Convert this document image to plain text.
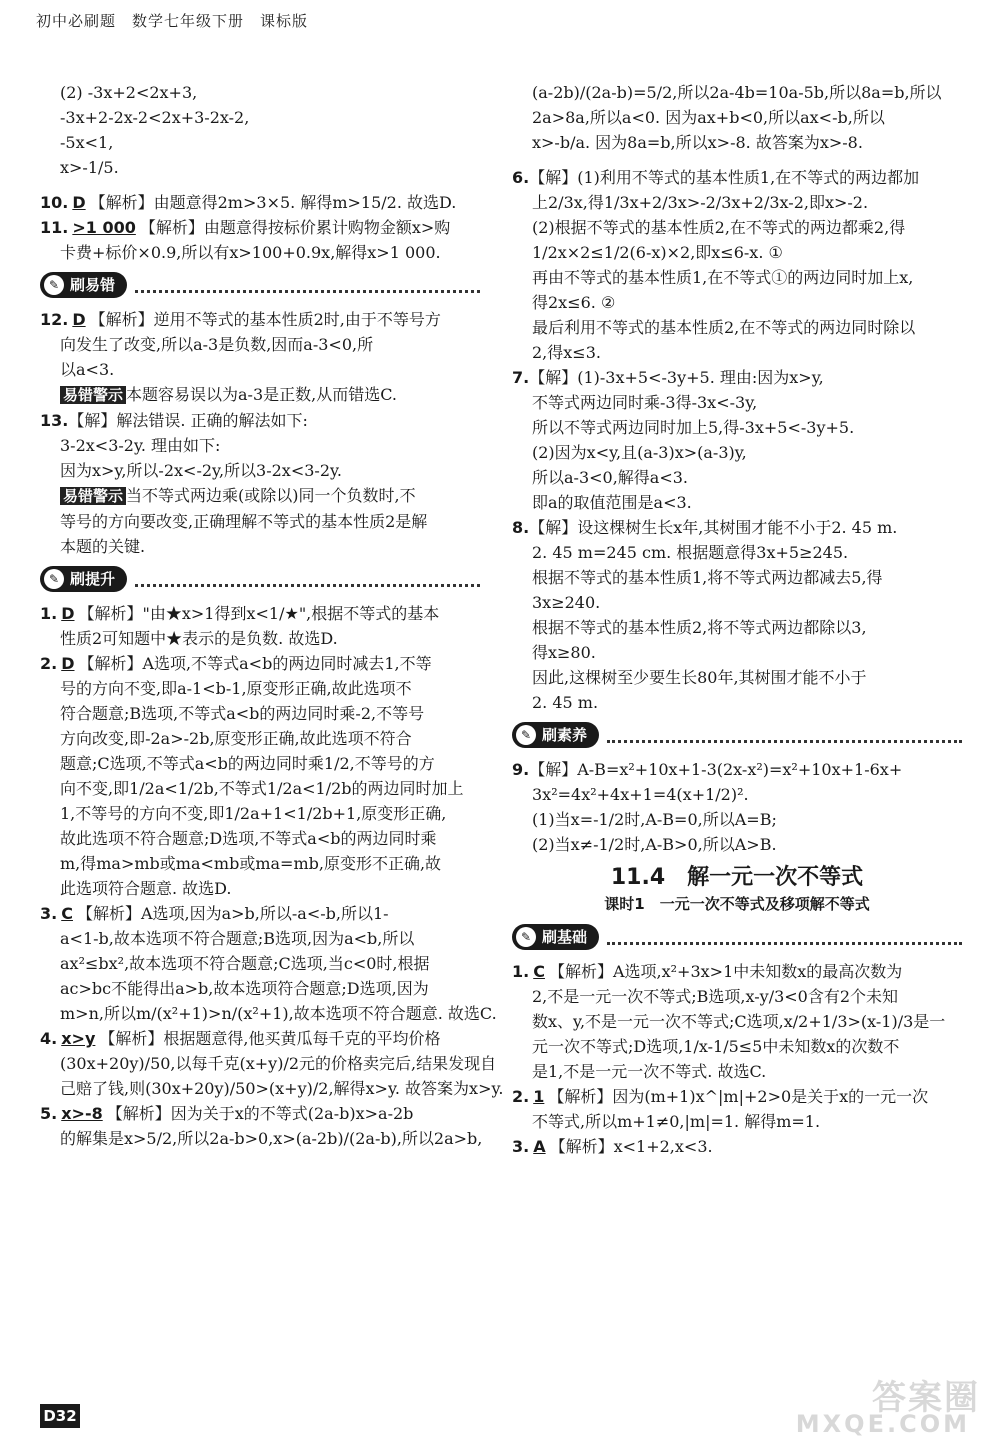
初中必刷题　数学七年级下册　课标版

(2) -3x+2<2x+3,

-3x+2-2x-2<2x+3-2x-2,

-5x<1,

x>-1/5.

10. D 【解析】由题意得2m>3×5. 解得m>15/2. 故选D.

11. >1 000 【解析】由题意得按标价累计购物金额x>购

卡费+标价×0.9,所以有x>100+0.9x,解得x>1 000.

✎ 刷易错

12. D 【解析】逆用不等式的基本性质2时,由于不等号方

向发生了改变,所以a-3是负数,因而a-3<0,所

以a<3.

易错警示 本题容易误以为a-3是正数,从而错选C.

13.【解】解法错误. 正确的解法如下:

3-2x<3-2y. 理由如下:

因为x>y,所以-2x<-2y,所以3-2x<3-2y.

易错警示 当不等式两边乘(或除以)同一个负数时,不

等号的方向要改变,正确理解不等式的基本性质2是解

本题的关键.

✎ 刷提升

1. D 【解析】"由★x>1得到x<1/★",根据不等式的基本

性质2可知题中★表示的是负数. 故选D.

2. D 【解析】A选项,不等式a<b的两边同时减去1,不等

号的方向不变,即a-1<b-1,原变形正确,故此选项不

符合题意;B选项,不等式a<b的两边同时乘-2,不等号

方向改变,即-2a>-2b,原变形正确,故此选项不符合

题意;C选项,不等式a<b的两边同时乘1/2,不等号的方

向不变,即1/2a<1/2b,不等式1/2a<1/2b的两边同时加上

1,不等号的方向不变,即1/2a+1<1/2b+1,原变形正确,

故此选项不符合题意;D选项,不等式a<b的两边同时乘

m,得ma>mb或ma<mb或ma=mb,原变形不正确,故

此选项符合题意. 故选D.

3. C 【解析】A选项,因为a>b,所以-a<-b,所以1-

a<1-b,故本选项不符合题意;B选项,因为a<b,所以

ax²≤bx²,故本选项不符合题意;C选项,当c<0时,根据

ac>bc不能得出a>b,故本选项符合题意;D选项,因为

m>n,所以m/(x²+1)>n/(x²+1),故本选项不符合题意. 故选C.

4. x>y 【解析】根据题意得,他买黄瓜每千克的平均价格

(30x+20y)/50,以每千克(x+y)/2元的价格卖完后,结果发现自

己赔了钱,则(30x+20y)/50>(x+y)/2,解得x>y. 故答案为x>y.

5. x>-8 【解析】因为关于x的不等式(2a-b)x>a-2b

的解集是x>5/2,所以2a-b>0,x>(a-2b)/(2a-b),所以2a>b,

(a-2b)/(2a-b)=5/2,所以2a-4b=10a-5b,所以8a=b,所以

2a>8a,所以a<0. 因为ax+b<0,所以ax<-b,所以

x>-b/a. 因为8a=b,所以x>-8. 故答案为x>-8.

6.【解】(1)利用不等式的基本性质1,在不等式的两边都加

上2/3x,得1/3x+2/3x>-2/3x+2/3x-2,即x>-2.

(2)根据不等式的基本性质2,在不等式的两边都乘2,得

1/2x×2≤1/2(6-x)×2,即x≤6-x. ①

再由不等式的基本性质1,在不等式①的两边同时加上x,

得2x≤6. ②

最后利用不等式的基本性质2,在不等式的两边同时除以

2,得x≤3.

7.【解】(1)-3x+5<-3y+5. 理由:因为x>y,

不等式两边同时乘-3得-3x<-3y,

所以不等式两边同时加上5,得-3x+5<-3y+5.

(2)因为x<y,且(a-3)x>(a-3)y,

所以a-3<0,解得a<3.

即a的取值范围是a<3.

8.【解】设这棵树生长x年,其树围才能不小于2. 45 m.

2. 45 m=245 cm. 根据题意得3x+5≥245.

根据不等式的基本性质1,将不等式两边都减去5,得

3x≥240.

根据不等式的基本性质2,将不等式两边都除以3,

得x≥80.

因此,这棵树至少要生长80年,其树围才能不小于

2. 45 m.

✎ 刷素养

9.【解】A-B=x²+10x+1-3(2x-x²)=x²+10x+1-6x+

3x²=4x²+4x+1=4(x+1/2)².

(1)当x=-1/2时,A-B=0,所以A=B;

(2)当x≠-1/2时,A-B>0,所以A>B.

11.4　解一元一次不等式
课时1　一元一次不等式及移项解不等式
✎ 刷基础

1. C 【解析】A选项,x²+3x>1中未知数x的最高次数为

2,不是一元一次不等式;B选项,x-y/3<0含有2个未知

数x、y,不是一元一次不等式;C选项,x/2+1/3>(x-1)/3是一

元一次不等式;D选项,1/x-1/5≤5中未知数x的次数不

是1,不是一元一次不等式. 故选C.

2. 1 【解析】因为(m+1)x^|m|+2>0是关于x的一元一次

不等式,所以m+1≠0,|m|=1. 解得m=1.

3. A 【解析】x<1+2,x<3.

D32	答案圈
MXQE.COM
